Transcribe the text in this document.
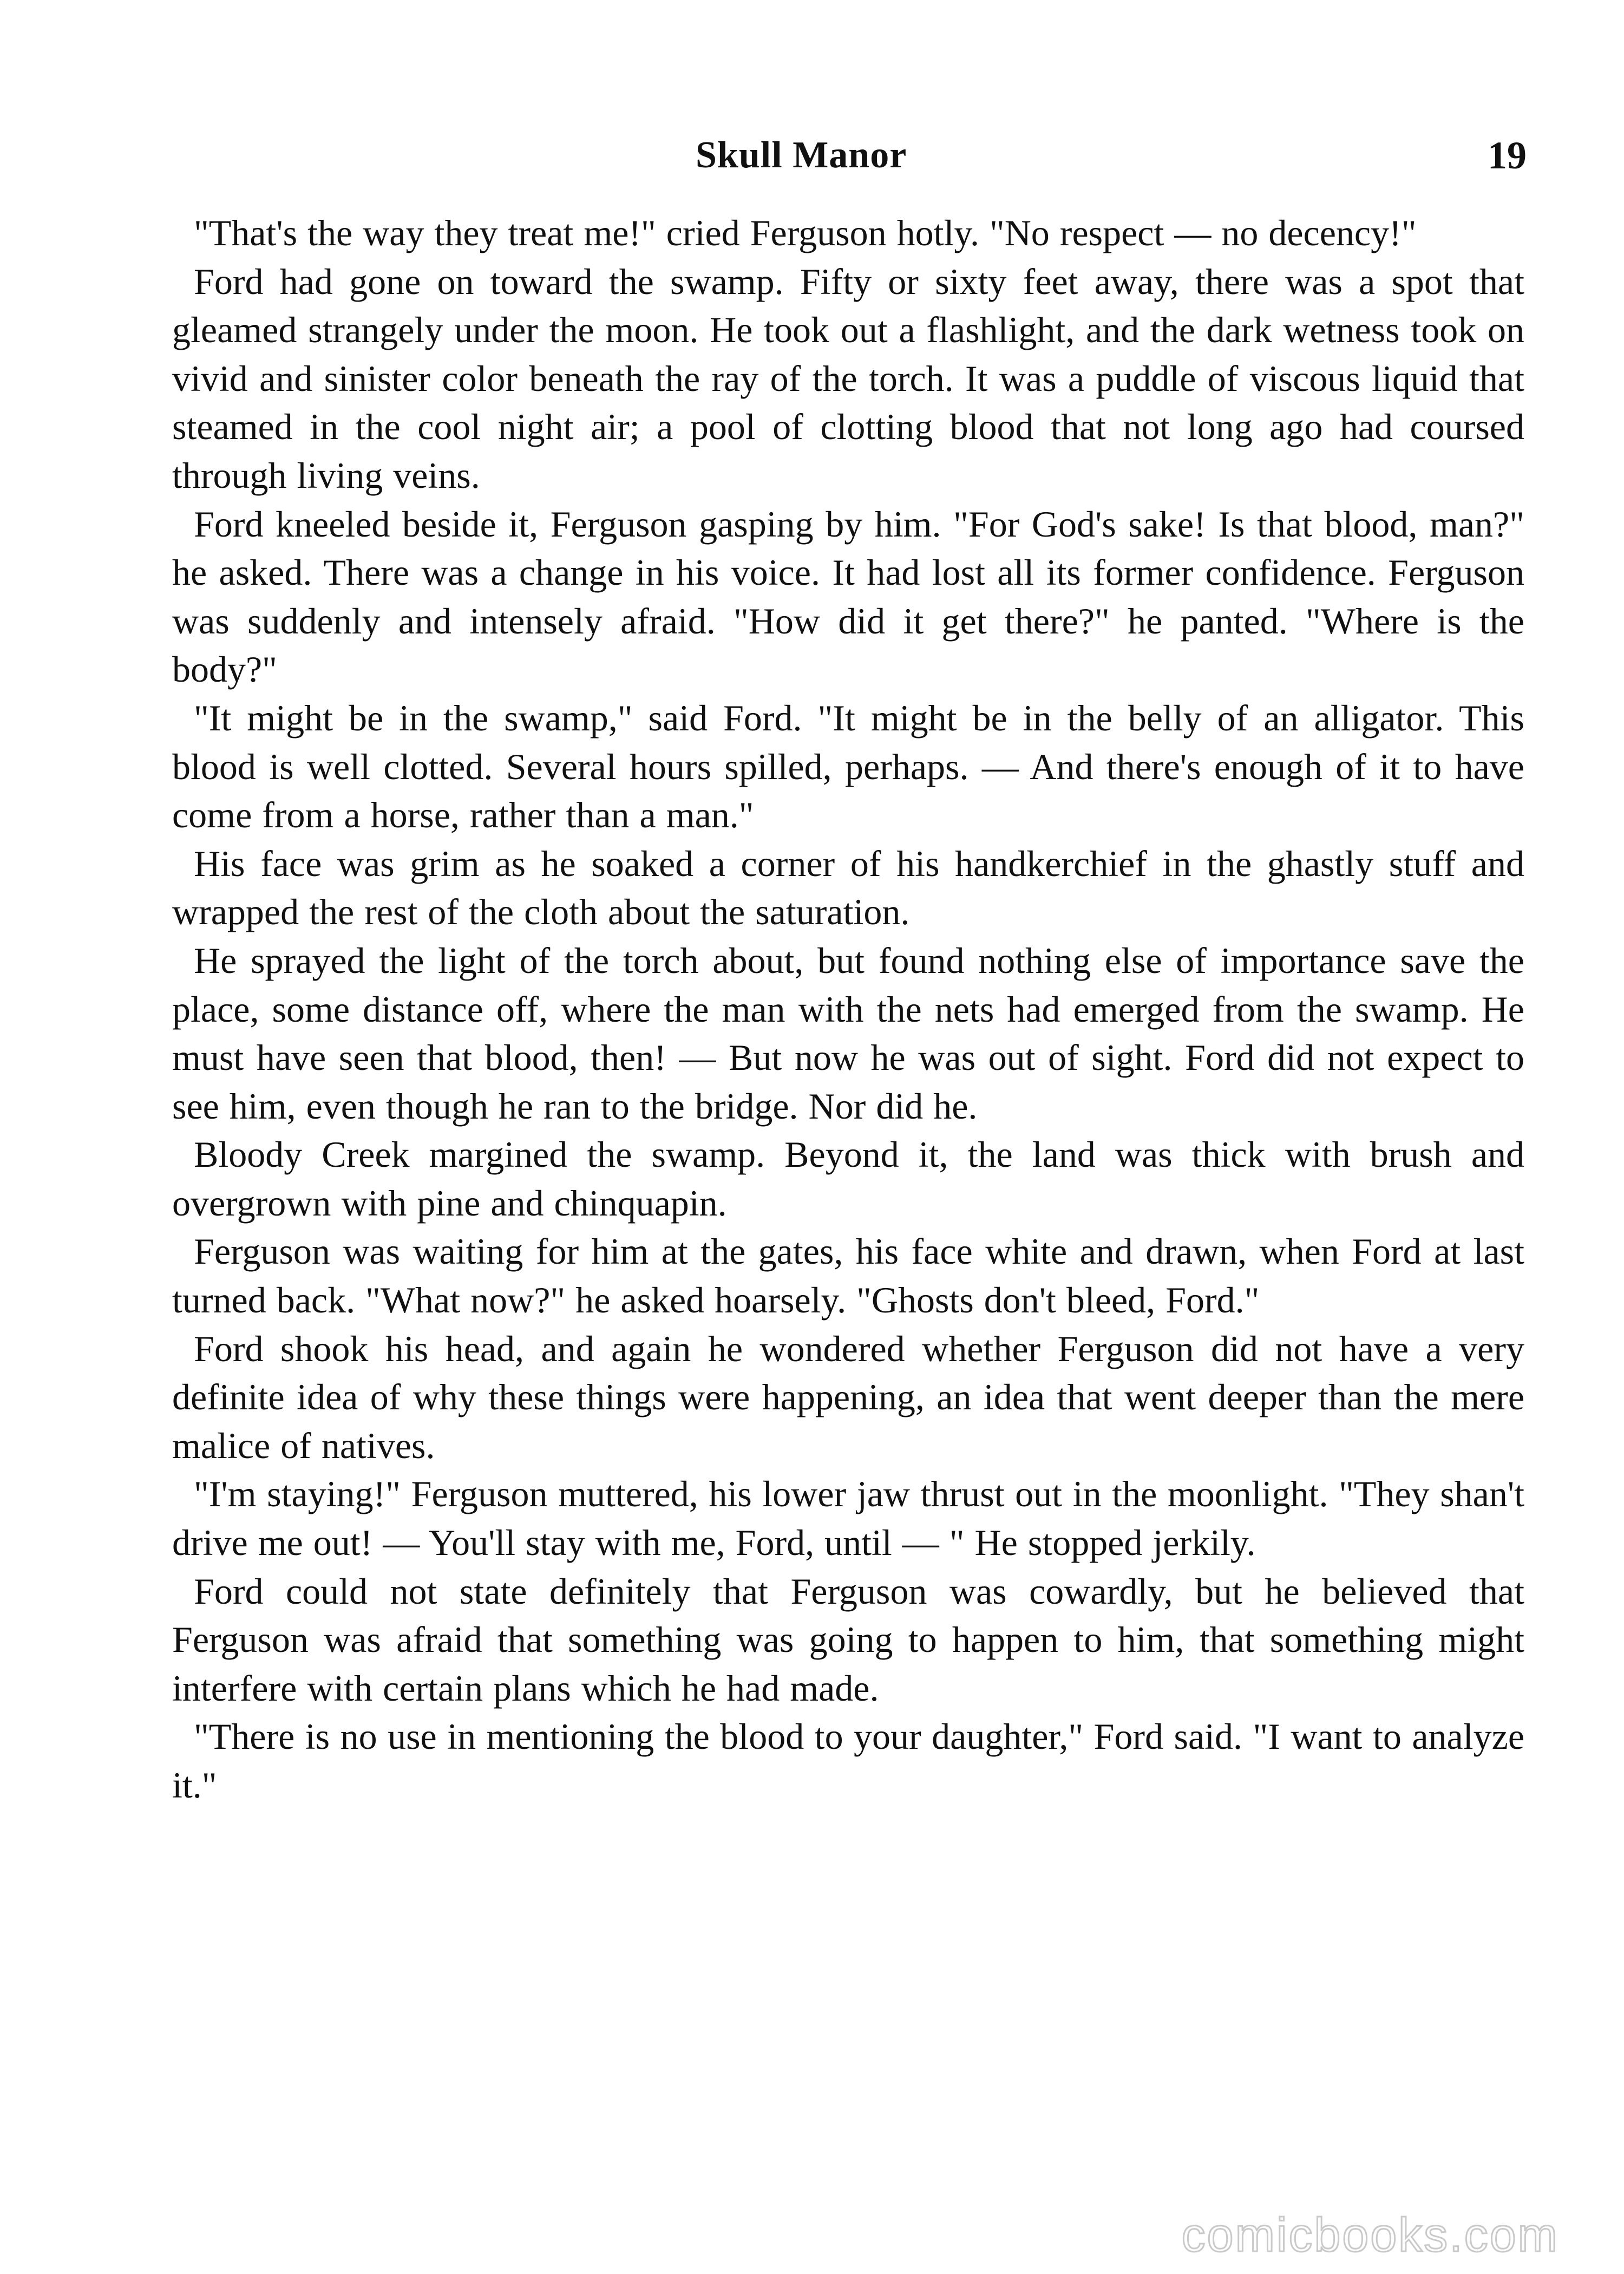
Skull Manor	19

"That's the way they treat me!" cried Ferguson hotly. "No respect — no decency!"

Ford had gone on toward the swamp. Fifty or sixty feet away, there was a spot that gleamed strangely under the moon. He took out a flashlight, and the dark wetness took on vivid and sinister color beneath the ray of the torch. It was a puddle of viscous liquid that steamed in the cool night air; a pool of clotting blood that not long ago had coursed through living veins.

Ford kneeled beside it, Ferguson gasping by him. "For God's sake! Is that blood, man?" he asked. There was a change in his voice. It had lost all its former confidence. Ferguson was suddenly and intensely afraid. "How did it get there?" he panted. "Where is the body?"

"It might be in the swamp," said Ford. "It might be in the belly of an alligator. This blood is well clotted. Several hours spilled, perhaps. — And there's enough of it to have come from a horse, rather than a man."

His face was grim as he soaked a corner of his handkerchief in the ghastly stuff and wrapped the rest of the cloth about the saturation.

He sprayed the light of the torch about, but found nothing else of importance save the place, some distance off, where the man with the nets had emerged from the swamp. He must have seen that blood, then! — But now he was out of sight. Ford did not expect to see him, even though he ran to the bridge. Nor did he.

Bloody Creek margined the swamp. Beyond it, the land was thick with brush and overgrown with pine and chinquapin.

Ferguson was waiting for him at the gates, his face white and drawn, when Ford at last turned back. "What now?" he asked hoarsely. "Ghosts don't bleed, Ford."

Ford shook his head, and again he wondered whether Ferguson did not have a very definite idea of why these things were happening, an idea that went deeper than the mere malice of natives.

"I'm staying!" Ferguson muttered, his lower jaw thrust out in the moonlight. "They shan't drive me out! — You'll stay with me, Ford, until — " He stopped jerkily.

Ford could not state definitely that Ferguson was cowardly, but he believed that Ferguson was afraid that something was going to happen to him, that something might interfere with certain plans which he had made.

"There is no use in mentioning the blood to your daughter," Ford said. "I want to analyze it."

comicbooks.com
